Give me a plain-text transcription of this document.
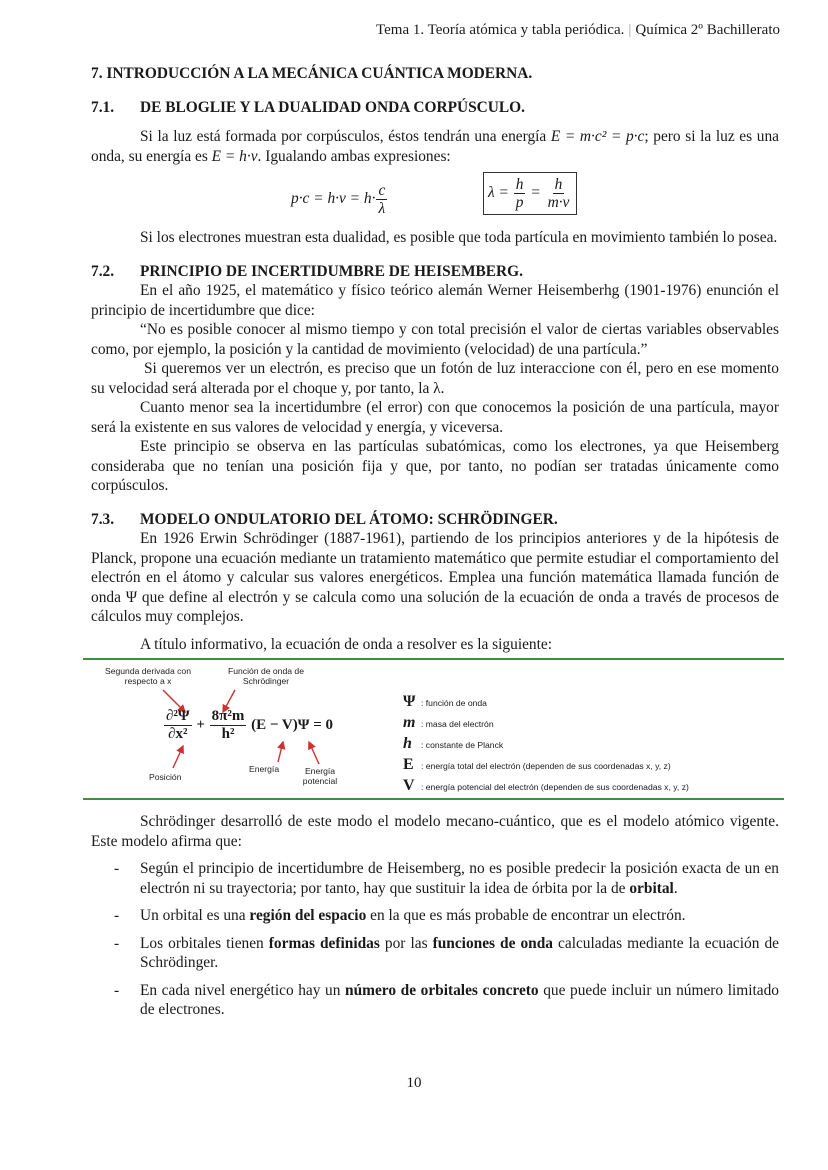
Tema 1. Teoría atómica y tabla periódica. | Química 2º Bachillerato
7. INTRODUCCIÓN A LA MECÁNICA CUÁNTICA MODERNA.
7.1.	DE BLOGLIE Y LA DUALIDAD ONDA CORPÚSCULO.

Si la luz está formada por corpúsculos, éstos tendrán una energía E = m·c² = p·c; pero si la luz es una onda, su energía es E = h·ν. Igualando ambas expresiones:

$p\cdot c = h\cdot\nu = h\cdot \frac{c}{\lambda}$	$\lambda = \frac{h}{p} = \frac{h}{m\cdot v}$

Si los electrones muestran esta dualidad, es posible que toda partícula en movimiento también lo posea.

7.2.	PRINCIPIO DE INCERTIDUMBRE DE HEISEMBERG.

En el año 1925, el matemático y físico teórico alemán Werner Heisemberhg (1901-1976) enunción el principio de incertidumbre que dice:

“No es posible conocer al mismo tiempo y con total precisión el valor de ciertas variables observables como, por ejemplo, la posición y la cantidad de movimiento (velocidad) de una partícula.”

Si queremos ver un electrón, es preciso que un fotón de luz interaccione con él, pero en ese momento su velocidad será alterada por el choque y, por tanto, la λ.

Cuanto menor sea la incertidumbre (el error) con que conocemos la posición de una partícula, mayor será la existente en sus valores de velocidad y energía, y viceversa.

Este principio se observa en las partículas subatómicas, como los electrones, ya que Heisemberg consideraba que no tenían una posición fija y que, por tanto, no podían ser tratadas únicamente como corpúsculos.

7.3.	MODELO ONDULATORIO DEL ÁTOMO: SCHRÖDINGER.

En 1926 Erwin Schrödinger (1887-1961), partiendo de los principios anteriores y de la hipótesis de Planck, propone una ecuación mediante un tratamiento matemático que permite estudiar el comportamiento del electrón en el átomo y calcular sus valores energéticos. Emplea una función matemática llamada función de onda Ψ que define al electrón y se calcula como una solución de la ecuación de onda a través de procesos de cálculos muy complejos.

A título informativo, la ecuación de onda a resolver es la siguiente:

Segunda derivada con respecto a x
Función de onda de Schrödinger
Posición
Energía	Energía potencial
$\frac{\text{∂²Ψ}}{\text{∂x²}} + \frac{\text{8π²m}}{\text{h²}} (E - V)\Psi = 0$
Ψ : función de onda
m : masa del electrón
h : constante de Planck
E : energía total del electrón (dependen de sus coordenadas x, y, z)
V : energía potencial del electrón (dependen de sus coordenadas x, y, z)

Schrödinger desarrolló de este modo el modelo mecano-cuántico, que es el modelo atómico vigente. Este modelo afirma que:

- Según el principio de incertidumbre de Heisemberg, no es posible predecir la posición exacta de un en electrón ni su trayectoria; por tanto, hay que sustituir la idea de órbita por la de orbital.
- Un orbital es una región del espacio en la que es más probable de encontrar un electrón.
- Los orbitales tienen formas definidas por las funciones de onda calculadas mediante la ecuación de Schrödinger.
- En cada nivel energético hay un número de orbitales concreto que puede incluir un número limitado de electrones.
10
